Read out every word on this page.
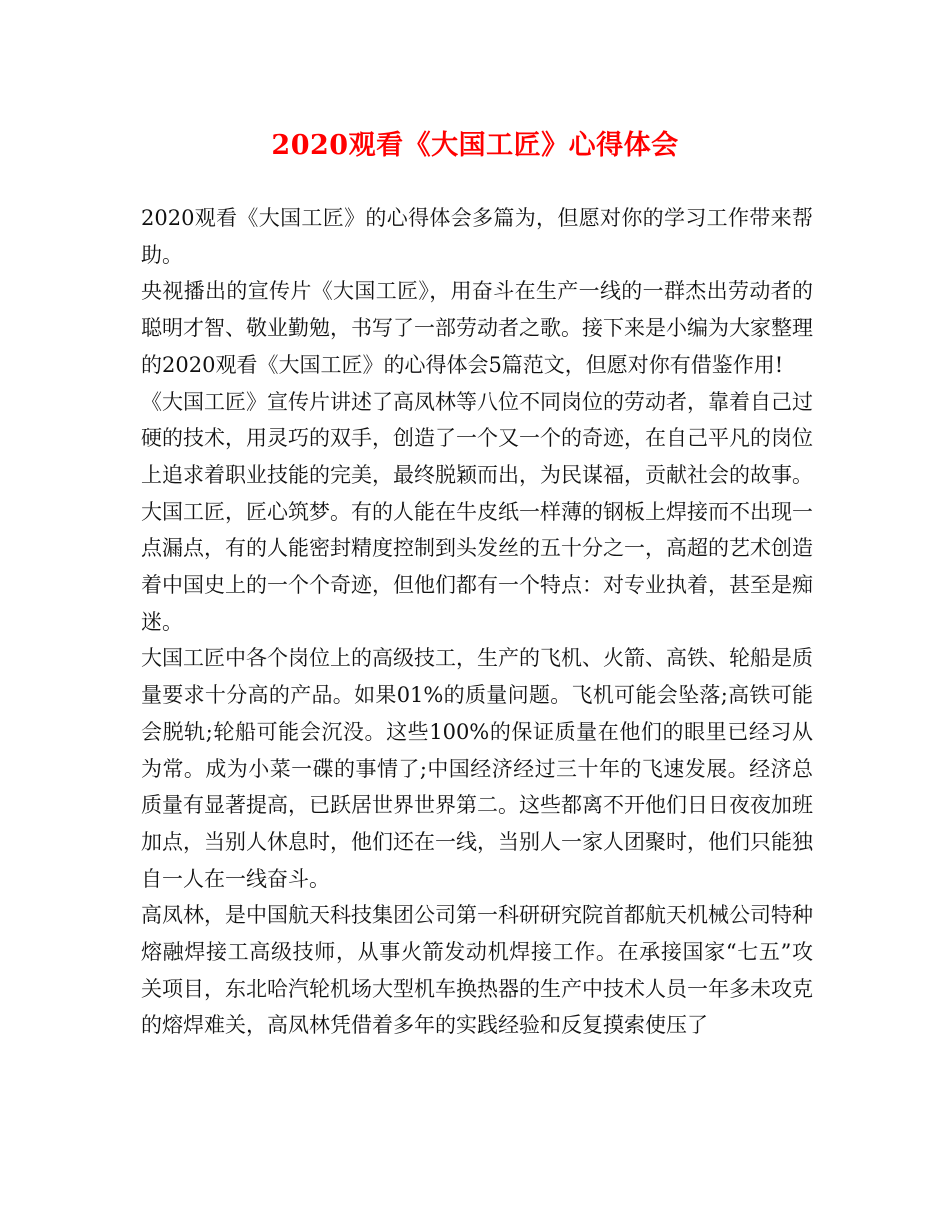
2020观看《大国工匠》心得体会

2020观看《大国工匠》的心得体会多篇为，但愿对你的学习工作带来帮助。

央视播出的宣传片《大国工匠》，用奋斗在生产一线的一群杰出劳动者的聪明才智、敬业勤勉，书写了一部劳动者之歌。接下来是小编为大家整理的2020观看《大国工匠》的心得体会5篇范文，但愿对你有借鉴作用!

《大国工匠》宣传片讲述了高凤林等八位不同岗位的劳动者，靠着自己过硬的技术，用灵巧的双手，创造了一个又一个的奇迹，在自己平凡的岗位上追求着职业技能的完美，最终脱颖而出，为民谋福，贡献社会的故事。

大国工匠，匠心筑梦。有的人能在牛皮纸一样薄的钢板上焊接而不出现一点漏点，有的人能密封精度控制到头发丝的五十分之一，高超的艺术创造着中国史上的一个个奇迹，但他们都有一个特点：对专业执着，甚至是痴迷。

大国工匠中各个岗位上的高级技工，生产的飞机、火箭、高铁、轮船是质量要求十分高的产品。如果01%的质量问题。飞机可能会坠落;高铁可能会脱轨;轮船可能会沉没。这些100%的保证质量在他们的眼里已经习从为常。成为小菜一碟的事情了;中国经济经过三十年的飞速发展。经济总质量有显著提高，已跃居世界世界第二。这些都离不开他们日日夜夜加班加点，当别人休息时，他们还在一线，当别人一家人团聚时，他们只能独自一人在一线奋斗。

高凤林，是中国航天科技集团公司第一科研研究院首都航天机械公司特种熔融焊接工高级技师，从事火箭发动机焊接工作。在承接国家“七五”攻关项目，东北哈汽轮机场大型机车换热器的生产中技术人员一年多未攻克的熔焊难关，高凤林凭借着多年的实践经验和反复摸索使压了
